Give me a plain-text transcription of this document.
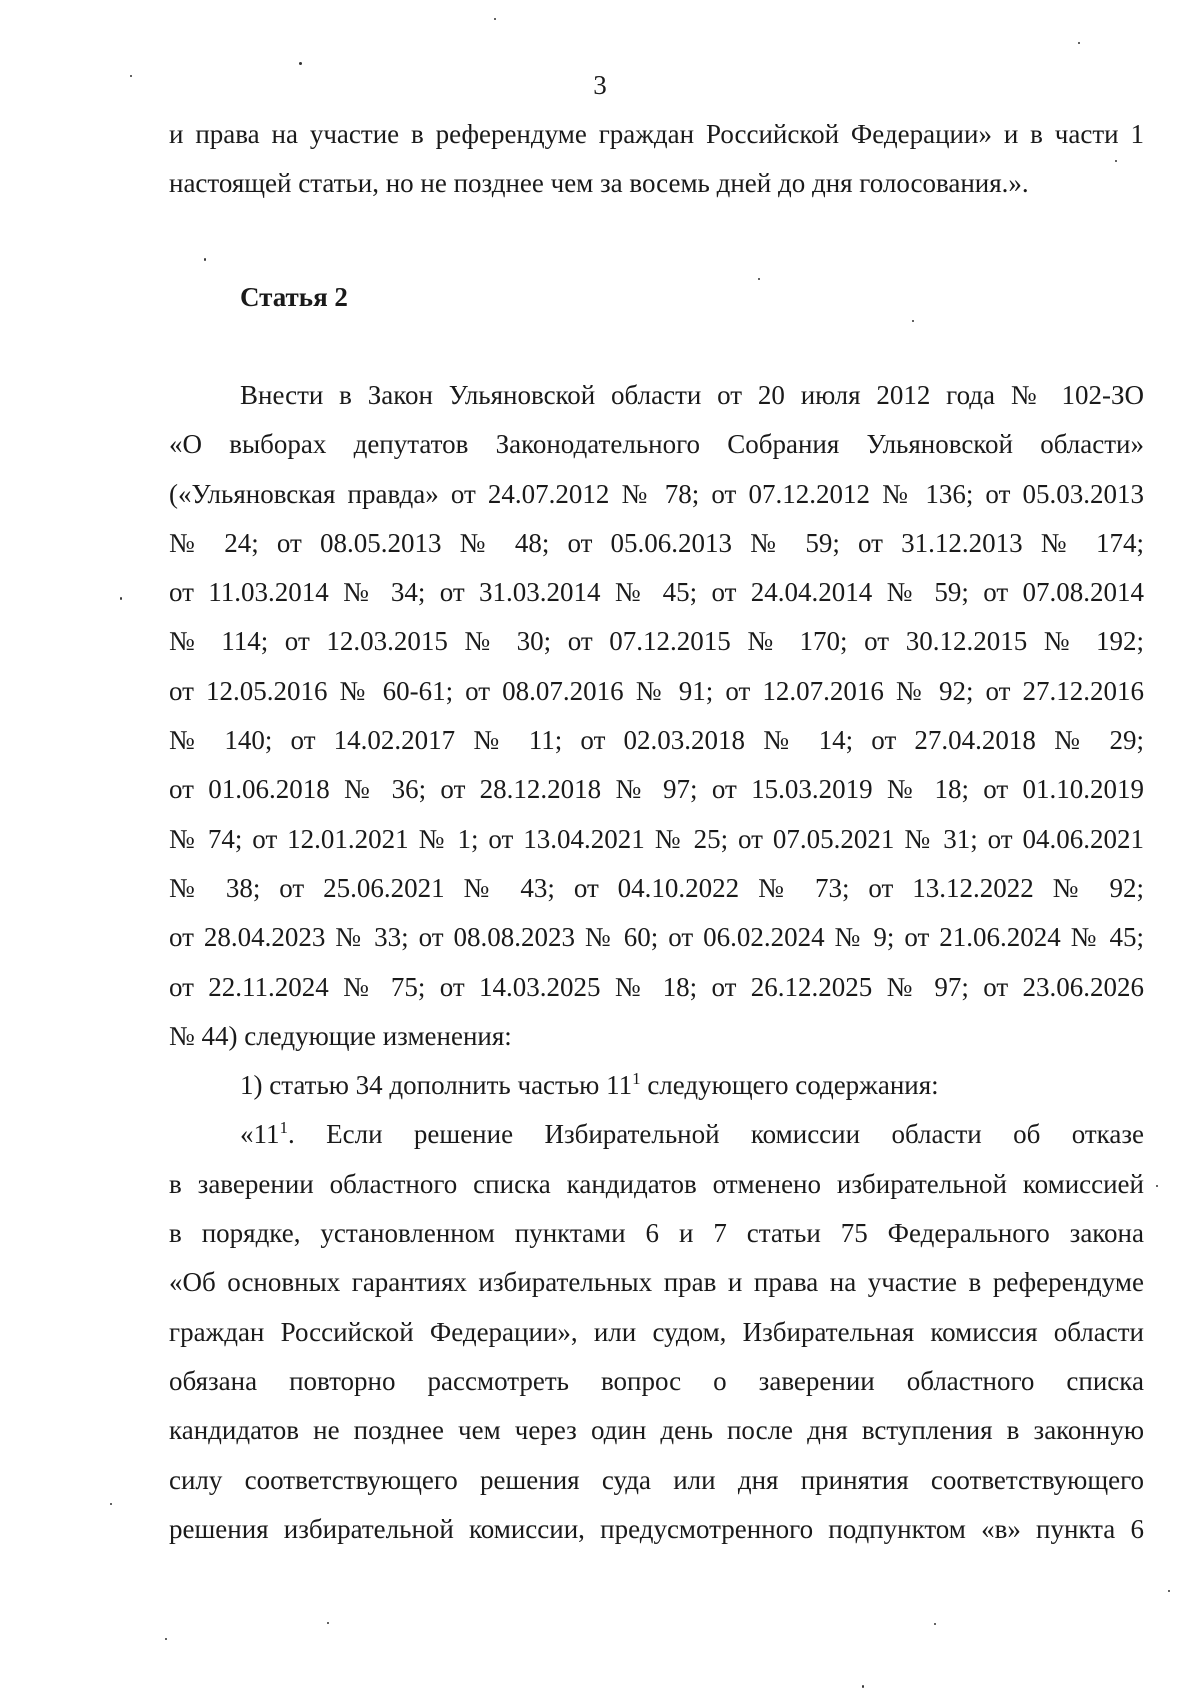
3
и права на участие в референдуме граждан Российской Федерации» и в части 1
настоящей статьи, но не позднее чем за восемь дней до дня голосования.».
Статья 2
Внести в Закон Ульяновской области от 20 июля 2012 года № 102-ЗО
«О выборах депутатов Законодательного Собрания Ульяновской области»
(«Ульяновская правда» от 24.07.2012 № 78; от 07.12.2012 № 136; от 05.03.2013
№ 24; от 08.05.2013 № 48; от 05.06.2013 № 59; от 31.12.2013 № 174;
от 11.03.2014 № 34; от 31.03.2014 № 45; от 24.04.2014 № 59; от 07.08.2014
№ 114; от 12.03.2015 № 30; от 07.12.2015 № 170; от 30.12.2015 № 192;
от 12.05.2016 № 60-61; от 08.07.2016 № 91; от 12.07.2016 № 92; от 27.12.2016
№ 140; от 14.02.2017 № 11; от 02.03.2018 № 14; от 27.04.2018 № 29;
от 01.06.2018 № 36; от 28.12.2018 № 97; от 15.03.2019 № 18; от 01.10.2019
№ 74; от 12.01.2021 № 1; от 13.04.2021 № 25; от 07.05.2021 № 31; от 04.06.2021
№ 38; от 25.06.2021 № 43; от 04.10.2022 № 73; от 13.12.2022 № 92;
от 28.04.2023 № 33; от 08.08.2023 № 60; от 06.02.2024 № 9; от 21.06.2024 № 45;
от 22.11.2024 № 75; от 14.03.2025 № 18; от 26.12.2025 № 97; от 23.06.2026
№ 44) следующие изменения:
1) статью 34 дополнить частью $11^1$ следующего содержания:
«$11^1$. Если решение Избирательной комиссии области об отказе
в заверении областного списка кандидатов отменено избирательной комиссией
в порядке, установленном пунктами 6 и 7 статьи 75 Федерального закона
«Об основных гарантиях избирательных прав и права на участие в референдуме
граждан Российской Федерации», или судом, Избирательная комиссия области
обязана повторно рассмотреть вопрос о заверении областного списка
кандидатов не позднее чем через один день после дня вступления в законную
силу соответствующего решения суда или дня принятия соответствующего
решения избирательной комиссии, предусмотренного подпунктом «в» пункта 6
